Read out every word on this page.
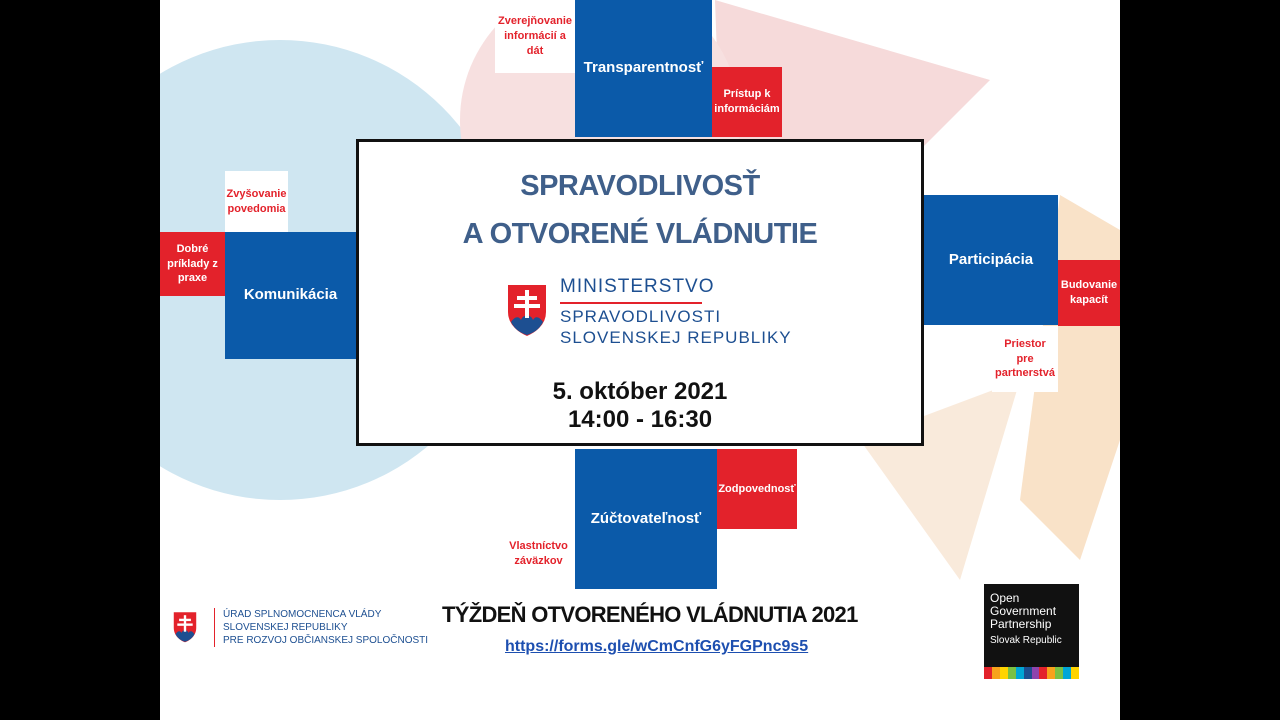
Transparentnosť
Zverejňovanie informácií a dát
Prístup k informáciám
Participácia
Budovanie kapacít
Priestor pre partnerstvá
Zúčtovateľnosť
Zodpovednosť
Vlastníctvo záväzkov
Komunikácia
Dobré príklady z praxe
Zvyšovanie povedomia
SPRAVODLIVOSŤ
A OTVORENÉ VLÁDNUTIE
MINISTERSTVO
SPRAVODLIVOSTI
SLOVENSKEJ REPUBLIKY
5. október 2021
14:00 - 16:30
ÚRAD SPLNOMOCNENCA VLÁDY
SLOVENSKEJ REPUBLIKY
PRE ROZVOJ OBČIANSKEJ SPOLOČNOSTI
TÝŽDEŇ OTVORENÉHO VLÁDNUTIA 2021
https://forms.gle/wCmCnfG6yFGPnc9s5
Open
Government
Partnership
Slovak Republic
